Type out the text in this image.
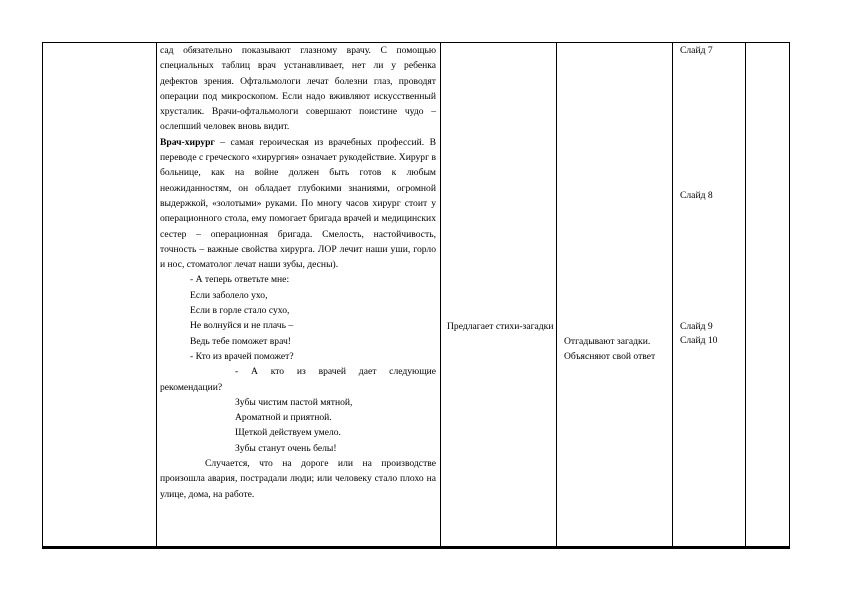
сад обязательно показывают глазному врачу. С помощью специальных таблиц врач устанавливает, нет ли у ребенка дефектов зрения. Офтальмологи лечат болезни глаз, проводят операции под микроскопом. Если надо вживляют искусственный хрусталик. Врачи-офтальмологи совершают поистине чудо – ослепший человек вновь видит.

Врач-хирург – самая героическая из врачебных профессий. В переводе с греческого «хирургия» означает рукодействие. Хирург в больнице, как на войне должен быть готов к любым неожиданностям, он обладает глубокими знаниями, огромной выдержкой, «золотыми» руками. По многу часов хирург стоит у операционного стола, ему помогает бригада врачей и медицинских сестер – операционная бригада. Смелость, настойчивость, точность – важные свойства хирурга. ЛОР лечит наши уши, горло и нос, стоматолог лечат наши зубы, десны).

- А теперь ответьте мне:

Если заболело ухо,

Если в горле стало сухо,

Не волнуйся и не плачь –

Ведь тебе поможет врач!

- Кто из врачей поможет?

- А кто из врачей дает следующие рекомендации?

Зубы чистим пастой мятной,

Ароматной и приятной.

Щеткой действуем умело.

Зубы станут очень белы!

Случается, что на дороге или на производстве произошла авария, пострадали люди; или человеку стало плохо на улице, дома, на работе.

Предлагает стихи-загадки
Отгадывают загадки. Объясняют свой ответ
Слайд 7
Слайд 8
Слайд 9
Слайд 10
